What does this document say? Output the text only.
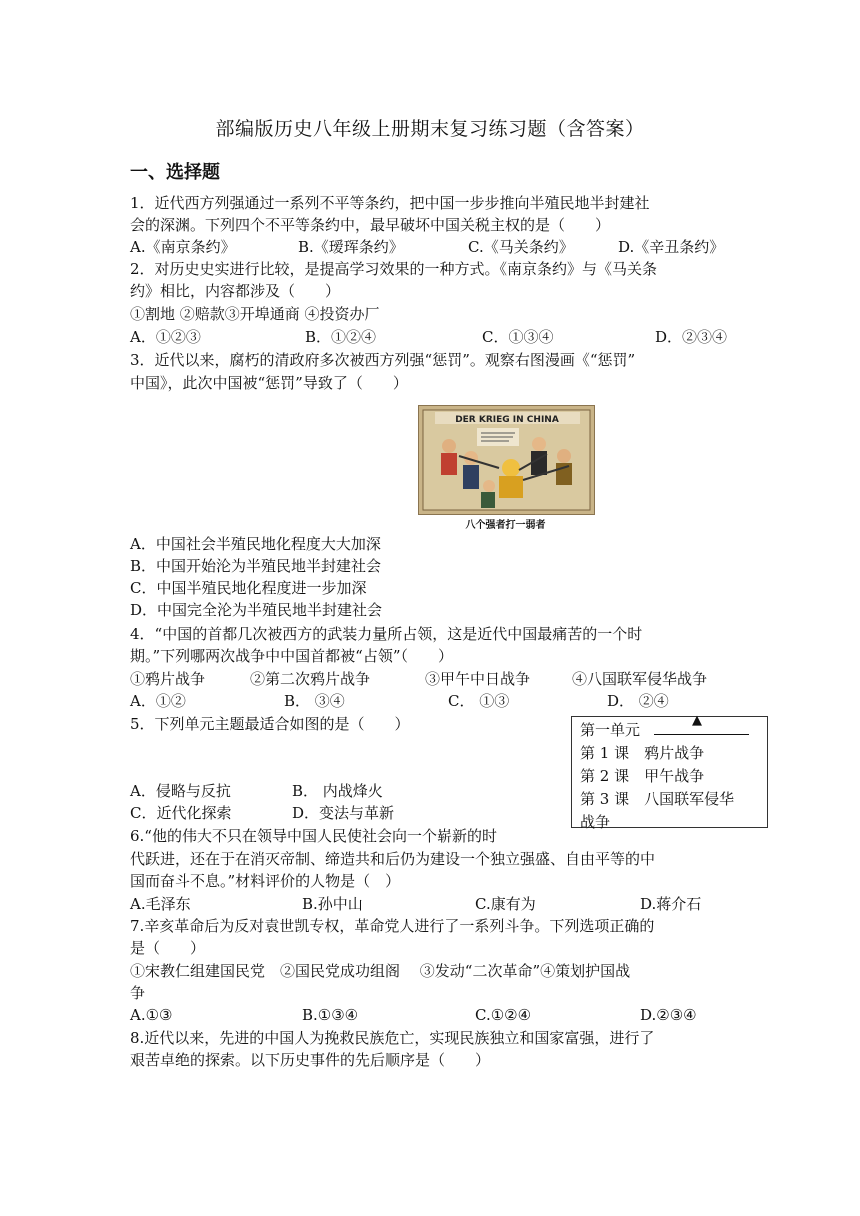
部编版历史八年级上册期末复习练习题（含答案）
一、选择题
1．近代西方列强通过一系列不平等条约，把中国一步步推向半殖民地半封建社
会的深渊。下列四个不平等条约中，最早破坏中国关税主权的是（　　）
A.《南京条约》	B.《瑷珲条约》	C.《马关条约》	D.《辛丑条约》
2．对历史史实进行比较，是提高学习效果的一种方式。《南京条约》与《马关条
约》相比，内容都涉及（　　）
①割地 ②赔款③开埠通商 ④投资办厂
A．①②③	B．①②④	C．①③④	D．②③④
3．近代以来，腐朽的清政府多次被西方列强“惩罚”。观察右图漫画《“惩罚”
中国》，此次中国被“惩罚”导致了（　　）
DER KRIEG IN CHINA
八个强者打一弱者
A．中国社会半殖民地化程度大大加深
B．中国开始沦为半殖民地半封建社会
C．中国半殖民地化程度进一步加深
D．中国完全沦为半殖民地半封建社会
4．“中国的首都几次被西方的武装力量所占领，这是近代中国最痛苦的一个时
期。”下列哪两次战争中中国首都被“占领”（　　）
①鸦片战争	②第二次鸦片战争	③甲午中日战争	④八国联军侵华战争
A．①②	B． ③④	C． ①③	D． ②④
5．下列单元主题最适合如图的是（　　）	第一单元
▲
第 1 课　鸦片战争
第 2 课　甲午战争
第 3 课　八国联军侵华
战争
A．侵略与反抗	B． 内战烽火
C．近代化探索	D．变法与革新
6.“他的伟大不只在领导中国人民使社会向一个崭新的时
代跃进，还在于在消灭帝制、缔造共和后仍为建设一个独立强盛、自由平等的中
国而奋斗不息。”材料评价的人物是（　）
A.毛泽东	B.孙中山	C.康有为	D.蒋介石
7.辛亥革命后为反对袁世凯专权，革命党人进行了一系列斗争。下列选项正确的
是（　　）
①宋教仁组建国民党　②国民党成功组阁　 ③发动“二次革命”④策划护国战
争
A.①③	B.①③④	C.①②④	D.②③④
8.近代以来，先进的中国人为挽救民族危亡，实现民族独立和国家富强，进行了
艰苦卓绝的探索。以下历史事件的先后顺序是（　　）
